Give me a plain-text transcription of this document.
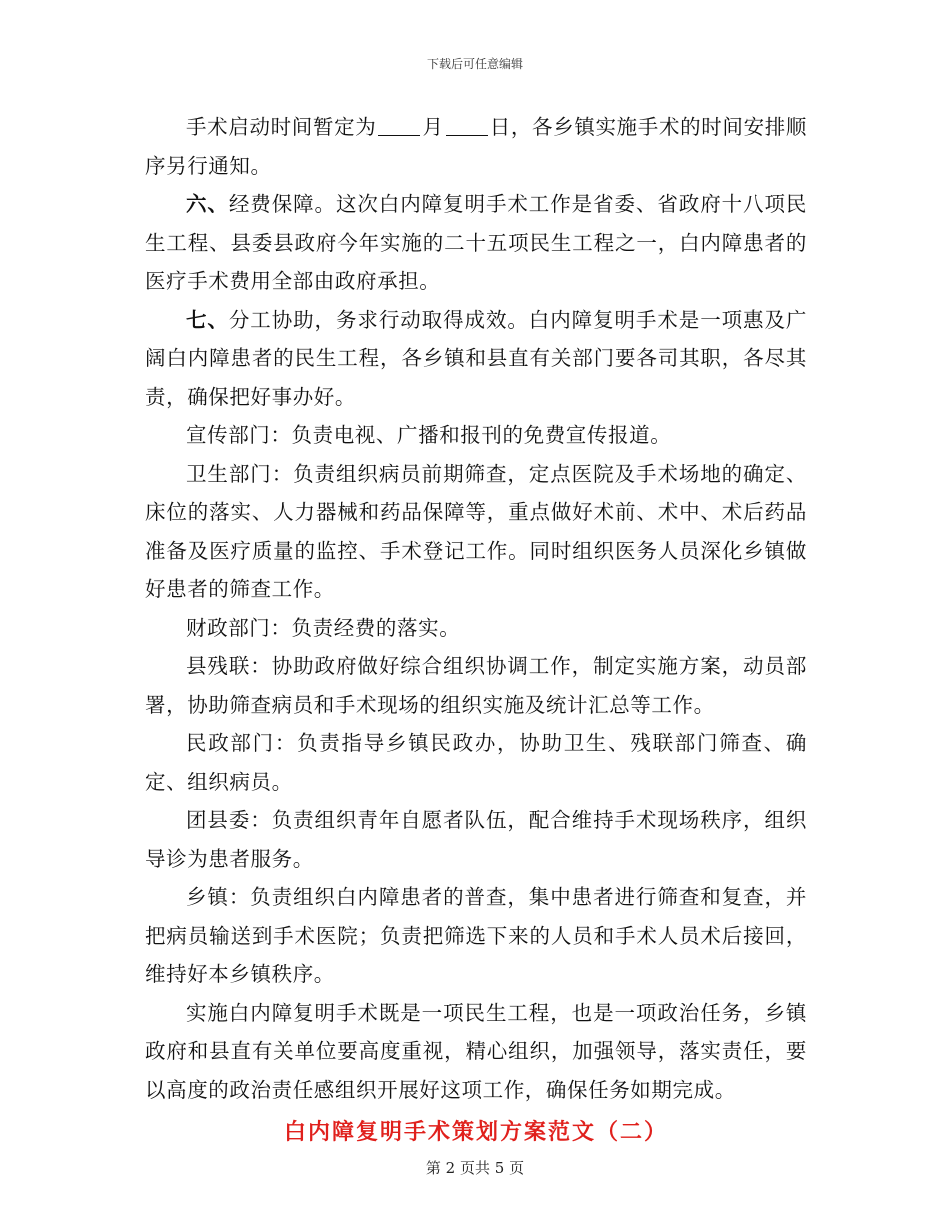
下载后可任意编辑

手术启动时间暂定为 月 日，各乡镇实施手术的时间安排顺序另行通知。

六、经费保障。这次白内障复明手术工作是省委、省政府十八项民生工程、县委县政府今年实施的二十五项民生工程之一，白内障患者的医疗手术费用全部由政府承担。

七、分工协助，务求行动取得成效。白内障复明手术是一项惠及广阔白内障患者的民生工程，各乡镇和县直有关部门要各司其职，各尽其责，确保把好事办好。

宣传部门：负责电视、广播和报刊的免费宣传报道。

卫生部门：负责组织病员前期筛查，定点医院及手术场地的确定、床位的落实、人力器械和药品保障等，重点做好术前、术中、术后药品准备及医疗质量的监控、手术登记工作。同时组织医务人员深化乡镇做好患者的筛查工作。

财政部门：负责经费的落实。

县残联：协助政府做好综合组织协调工作，制定实施方案，动员部署，协助筛查病员和手术现场的组织实施及统计汇总等工作。

民政部门：负责指导乡镇民政办，协助卫生、残联部门筛查、确定、组织病员。

团县委：负责组织青年自愿者队伍，配合维持手术现场秩序，组织导诊为患者服务。

乡镇：负责组织白内障患者的普查，集中患者进行筛查和复查，并把病员输送到手术医院；负责把筛选下来的人员和手术人员术后接回，维持好本乡镇秩序。

实施白内障复明手术既是一项民生工程，也是一项政治任务，乡镇政府和县直有关单位要高度重视，精心组织，加强领导，落实责任，要以高度的政治责任感组织开展好这项工作，确保任务如期完成。

白内障复明手术策划方案范文（二）
第 2 页共 5 页
